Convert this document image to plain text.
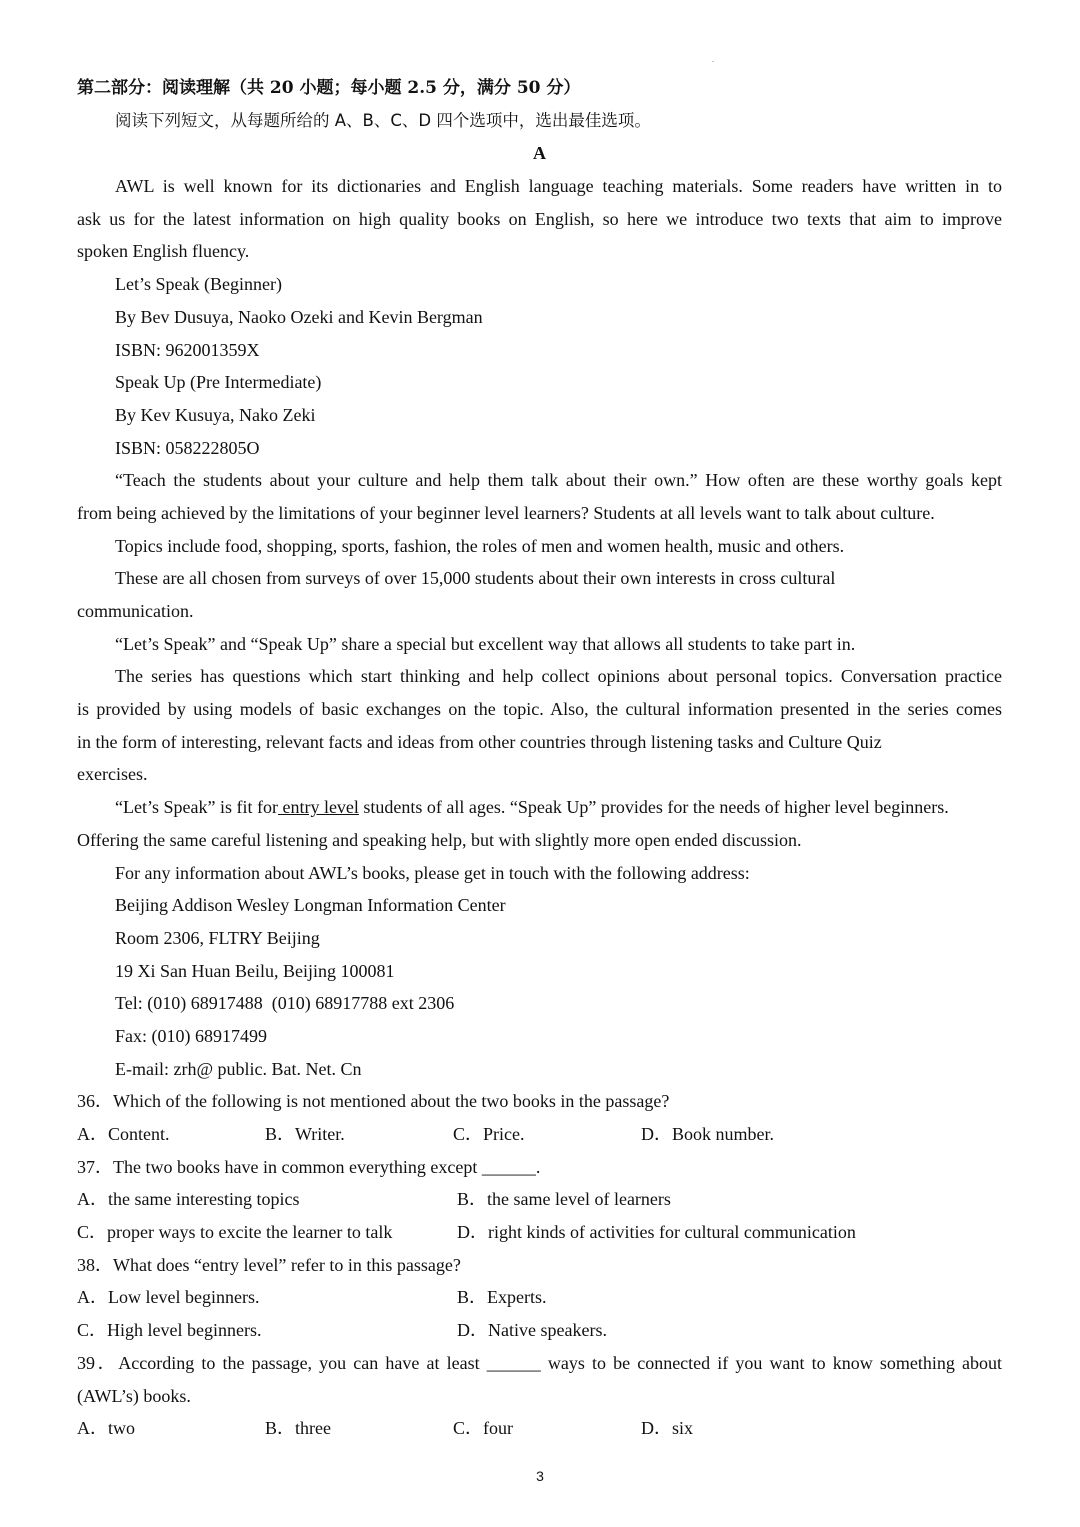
.
第二部分：阅读理解（共 20 小题；每小题 2.5 分，满分 50 分）
阅读下列短文，从每题所给的 A、B、C、D 四个选项中，选出最佳选项。
A
AWL is well known for its dictionaries and English language teaching materials. Some readers have written in to
ask us for the latest information on high quality books on English, so here we introduce two texts that aim to improve
spoken English fluency.
Let’s Speak (Beginner)
By Bev Dusuya, Naoko Ozeki and Kevin Bergman
ISBN: 962001359X
Speak Up (Pre Intermediate)
By Kev Kusuya, Nako Zeki
ISBN: 058222805O
“Teach the students about your culture and help them talk about their own.” How often are these worthy goals kept
from being achieved by the limitations of your beginner level learners? Students at all levels want to talk about culture.
Topics include food, shopping, sports, fashion, the roles of men and women health, music and others.
These are all chosen from surveys of over 15,000 students about their own interests in cross cultural
communication.
“Let’s Speak” and “Speak Up” share a special but excellent way that allows all students to take part in.
The series has questions which start thinking and help collect opinions about personal topics. Conversation practice
is provided by using models of basic exchanges on the topic. Also, the cultural information presented in the series comes
in the form of interesting, relevant facts and ideas from other countries through listening tasks and Culture Quiz
exercises.
“Let’s Speak” is fit for entry level students of all ages. “Speak Up” provides for the needs of higher level beginners.
Offering the same careful listening and speaking help, but with slightly more open ended discussion.
For any information about AWL’s books, please get in touch with the following address:
Beijing Addison Wesley Longman Information Center
Room 2306, FLTRY Beijing
19 Xi San Huan Beilu, Beijing 100081
Tel: (010) 68917488  (010) 68917788 ext 2306
Fax: (010) 68917499
E-mail: zrh@ public. Bat. Net. Cn
36．Which of the following is not mentioned about the two books in the passage?
A．Content.	B．Writer.	C．Price.	D．Book number.
37．The two books have in common everything except ______.
A．the same interesting topics	B．the same level of learners
C．proper ways to excite the learner to talk	D．right kinds of activities for cultural communication
38．What does “entry level” refer to in this passage?
A．Low level beginners.	B．Experts.
C．High level beginners.	D．Native speakers.
39．According to the passage, you can have at least ______ ways to be connected if you want to know something about
(AWL’s) books.
A．two	B．three	C．four	D．six
3
